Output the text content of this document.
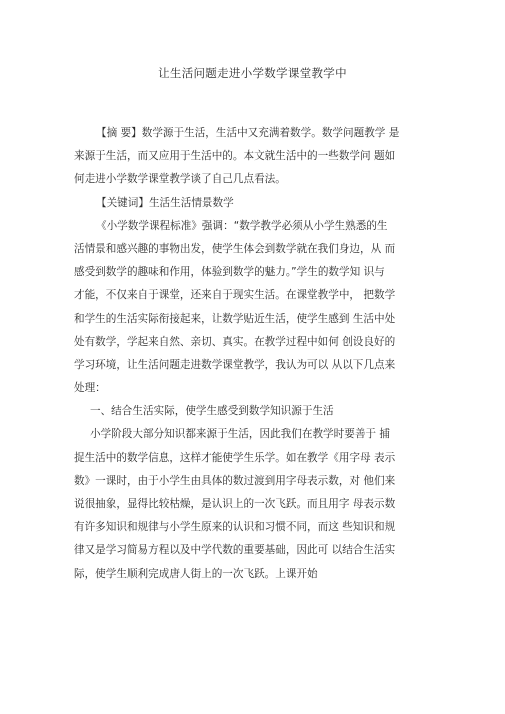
让生活问题走进小学数学课堂教学中
【摘 要】数学源于生活，生活中又充满着数学。数学问题教学 是
来源于生活，而又应用于生活中的。本文就生活中的一些数学问 题如
何走进小学数学课堂教学谈了自己几点看法。
【关键词】生活生活情景数学
《小学数学课程标准》强调：“数学教学必须从小学生熟悉的生
活情景和感兴趣的事物出发，使学生体会到数学就在我们身边，从 而
感受到数学的趣味和作用，体验到数学的魅力。”学生的数学知 识与
才能，不仅来自于课堂，还来自于现实生活。在课堂教学中， 把数学
和学生的生活实际衔接起来，让数学贴近生活，使学生感到 生活中处
处有数学，学起来自然、亲切、真实。在教学过程中如何 创设良好的
学习环境，让生活问题走进数学课堂教学，我认为可以 从以下几点来
处理：
一、结合生活实际，使学生感受到数学知识源于生活
小学阶段大部分知识都来源于生活，因此我们在教学时要善于 捕
捉生活中的数学信息，这样才能使学生乐学。如在教学《用字母 表示
数》一课时，由于小学生由具体的数过渡到用字母表示数，对 他们来
说很抽象，显得比较枯燥，是认识上的一次飞跃。而且用字 母表示数
有许多知识和规律与小学生原来的认识和习惯不同，而这 些知识和规
律又是学习简易方程以及中学代数的重要基础，因此可 以结合生活实
际，使学生顺利完成唐人街上的一次飞跃。上课开始
